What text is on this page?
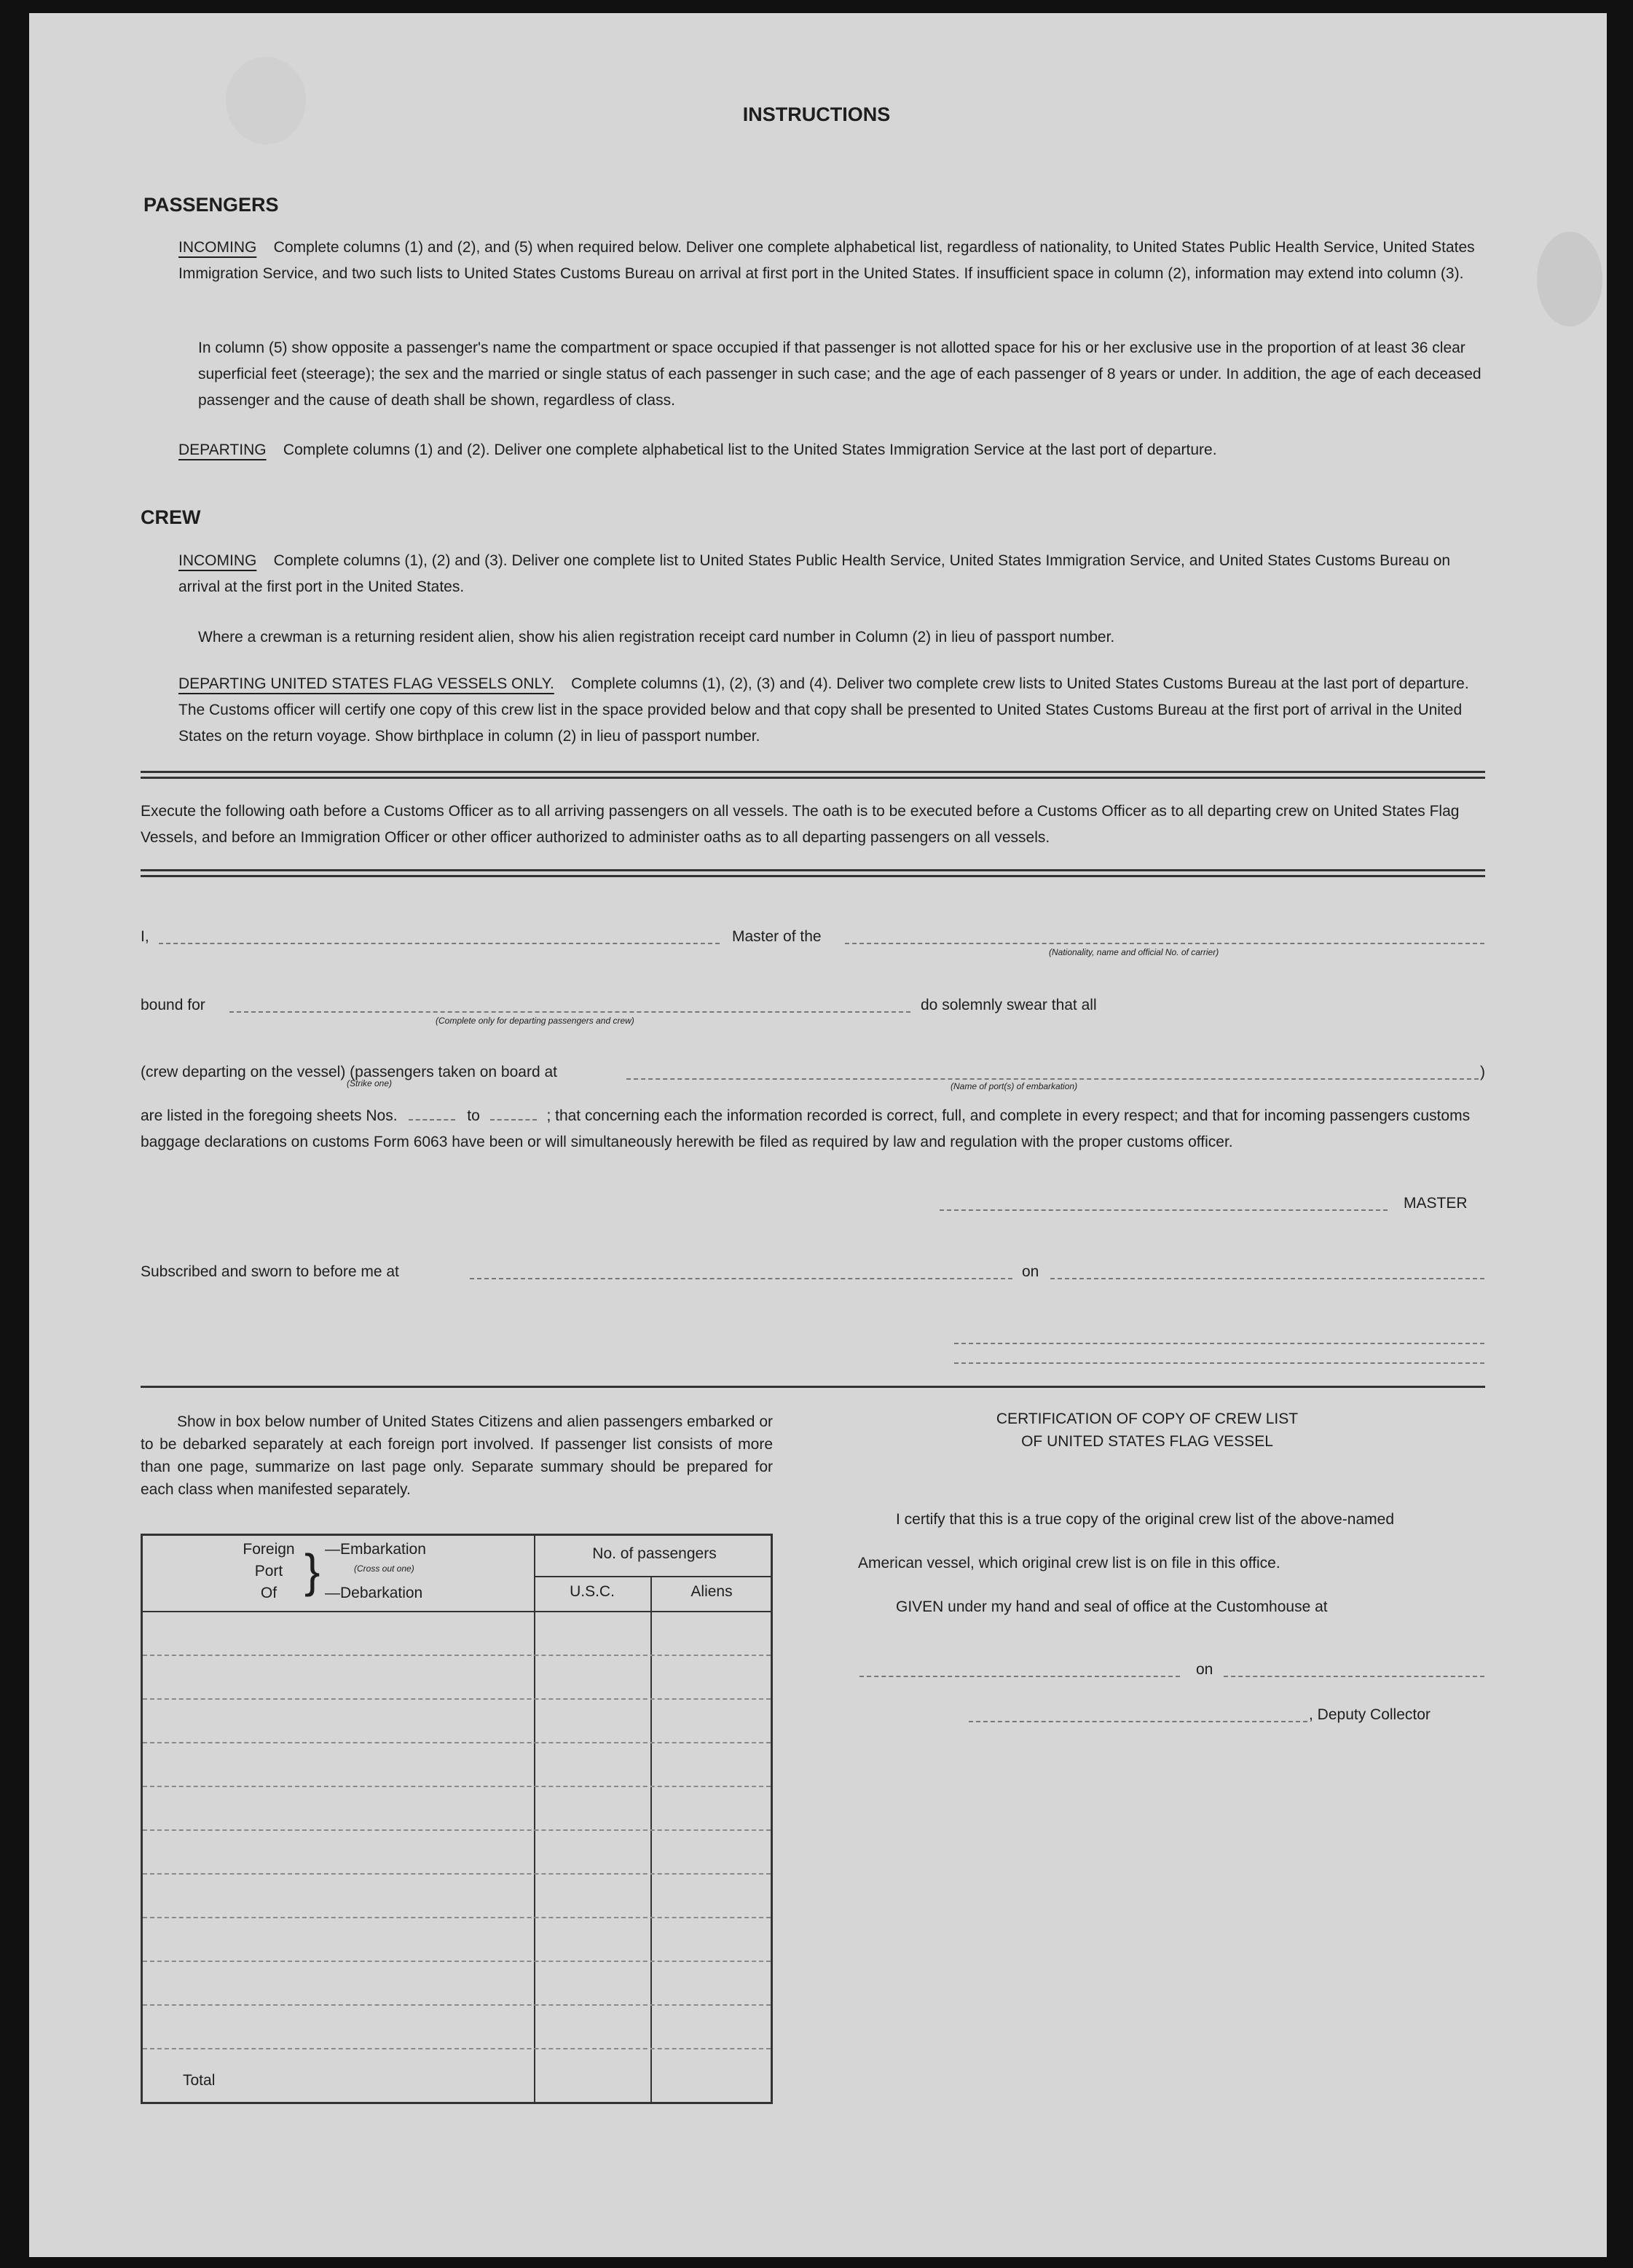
INSTRUCTIONS
PASSENGERS
INCOMING Complete columns (1) and (2), and (5) when required below. Deliver one complete alphabetical list, regardless of nationality, to United States Public Health Service, United States Immigration Service, and two such lists to United States Customs Bureau on arrival at first port in the United States. If insufficient space in column (2), information may extend into column (3).
In column (5) show opposite a passenger's name the compartment or space occupied if that passenger is not allotted space for his or her exclusive use in the proportion of at least 36 clear superficial feet (steerage); the sex and the married or single status of each passenger in such case; and the age of each passenger of 8 years or under. In addition, the age of each deceased passenger and the cause of death shall be shown, regardless of class.
DEPARTING Complete columns (1) and (2). Deliver one complete alphabetical list to the United States Immigration Service at the last port of departure.
CREW
INCOMING Complete columns (1), (2) and (3). Deliver one complete list to United States Public Health Service, United States Immigration Service, and United States Customs Bureau on arrival at the first port in the United States.
Where a crewman is a returning resident alien, show his alien registration receipt card number in Column (2) in lieu of passport number.
DEPARTING UNITED STATES FLAG VESSELS ONLY. Complete columns (1), (2), (3) and (4). Deliver two complete crew lists to United States Customs Bureau at the last port of departure. The Customs officer will certify one copy of this crew list in the space provided below and that copy shall be presented to United States Customs Bureau at the first port of arrival in the United States on the return voyage. Show birthplace in column (2) in lieu of passport number.
Execute the following oath before a Customs Officer as to all arriving passengers on all vessels. The oath is to be executed before a Customs Officer as to all departing crew on United States Flag Vessels, and before an Immigration Officer or other officer authorized to administer oaths as to all departing passengers on all vessels.
I,	Master of the
(Nationality, name and official No. of carrier)
bound for
(Complete only for departing passengers and crew)
do solemnly swear that all
(crew departing on the vessel) (passengers taken on board at
(Strike one)	(Name of port(s) of embarkation)
)
are listed in the foregoing sheets Nos.	to	; that concerning each the information recorded is correct, full, and complete in every respect; and that for incoming passengers customs baggage declarations on customs Form 6063 have been or will simultaneously herewith be filed as required by law and regulation with the proper customs officer.
MASTER
Subscribed and sworn to before me at	on
Show in box below number of United States Citizens and alien passengers embarked or to be debarked separately at each foreign port involved. If passenger list consists of more than one page, summarize on last page only. Separate summary should be prepared for each class when manifested separately.
Foreign
Port
Of } —Embarkation
(Cross out one)
—Debarkation
No. of passengers
U.S.C.	Aliens
Total
CERTIFICATION OF COPY OF CREW LIST
OF UNITED STATES FLAG VESSEL
I certify that this is a true copy of the original crew list of the above-named
American vessel, which original crew list is on file in this office.
GIVEN under my hand and seal of office at the Customhouse at
on
, Deputy Collector
